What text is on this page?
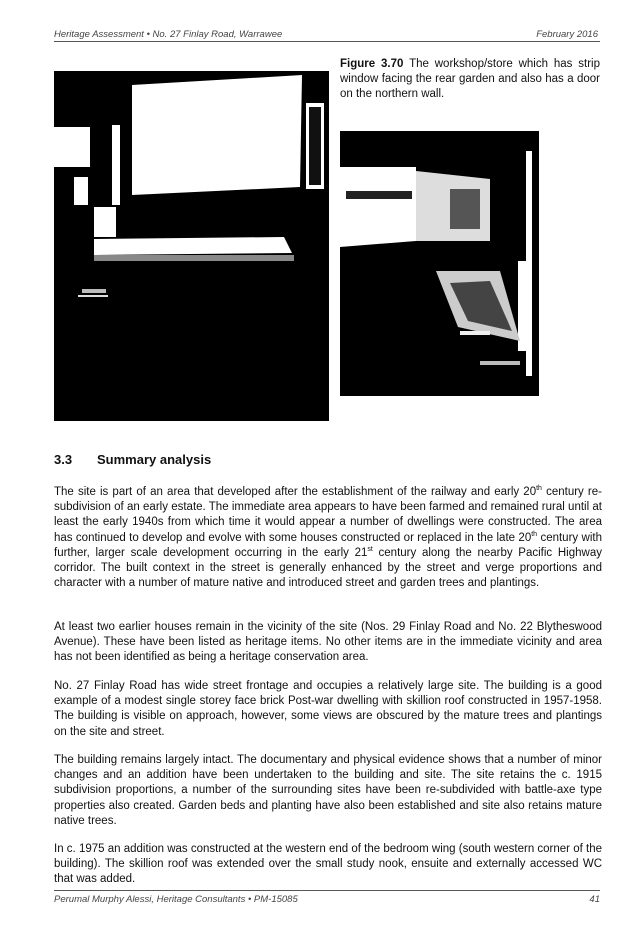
Heritage Assessment • No. 27 Finlay Road, Warrawee	February 2016
Figure 3.70 The workshop/store which has strip window facing the rear garden and also has a door on the northern wall.
3.3 Summary analysis

The site is part of an area that developed after the establishment of the railway and early 20th century re-subdivision of an early estate. The immediate area appears to have been farmed and remained rural until at least the early 1940s from which time it would appear a number of dwellings were constructed. The area has continued to develop and evolve with some houses constructed or replaced in the late 20th century with further, larger scale development occurring in the early 21st century along the nearby Pacific Highway corridor. The built context in the street is generally enhanced by the street and verge proportions and character with a number of mature native and introduced street and garden trees and plantings.

At least two earlier houses remain in the vicinity of the site (Nos. 29 Finlay Road and No. 22 Blytheswood Avenue). These have been listed as heritage items. No other items are in the immediate vicinity and area has not been identified as being a heritage conservation area.

No. 27 Finlay Road has wide street frontage and occupies a relatively large site. The building is a good example of a modest single storey face brick Post-war dwelling with skillion roof constructed in 1957-1958. The building is visible on approach, however, some views are obscured by the mature trees and plantings on the site and street.

The building remains largely intact. The documentary and physical evidence shows that a number of minor changes and an addition have been undertaken to the building and site. The site retains the c. 1915 subdivision proportions, a number of the surrounding sites have been re-subdivided with battle-axe type properties also created. Garden beds and planting have also been established and site also retains mature native trees.

In c. 1975 an addition was constructed at the western end of the bedroom wing (south western corner of the building). The skillion roof was extended over the small study nook, ensuite and externally accessed WC that was added.

Perumal Murphy Alessi, Heritage Consultants • PM-15085	41
